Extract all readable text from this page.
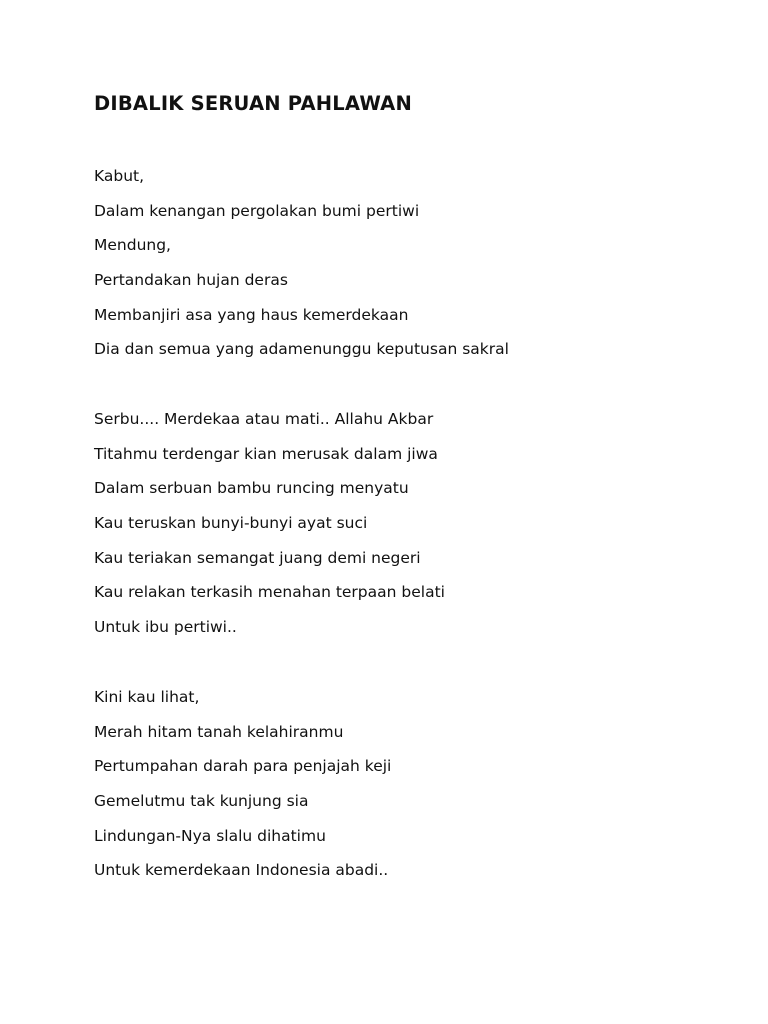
DIBALIK SERUAN PAHLAWAN
Kabut,
Dalam kenangan pergolakan bumi pertiwi
Mendung,
Pertandakan hujan deras
Membanjiri asa yang haus kemerdekaan
Dia dan semua yang adamenunggu keputusan sakral
Serbu.... Merdekaa atau mati.. Allahu Akbar
Titahmu terdengar kian merusak dalam jiwa
Dalam serbuan bambu runcing menyatu
Kau teruskan bunyi-bunyi ayat suci
Kau teriakan semangat juang demi negeri
Kau relakan terkasih menahan terpaan belati
Untuk ibu pertiwi..
Kini kau lihat,
Merah hitam tanah kelahiranmu
Pertumpahan darah para penjajah keji
Gemelutmu tak kunjung sia
Lindungan-Nya slalu dihatimu
Untuk kemerdekaan Indonesia abadi..
